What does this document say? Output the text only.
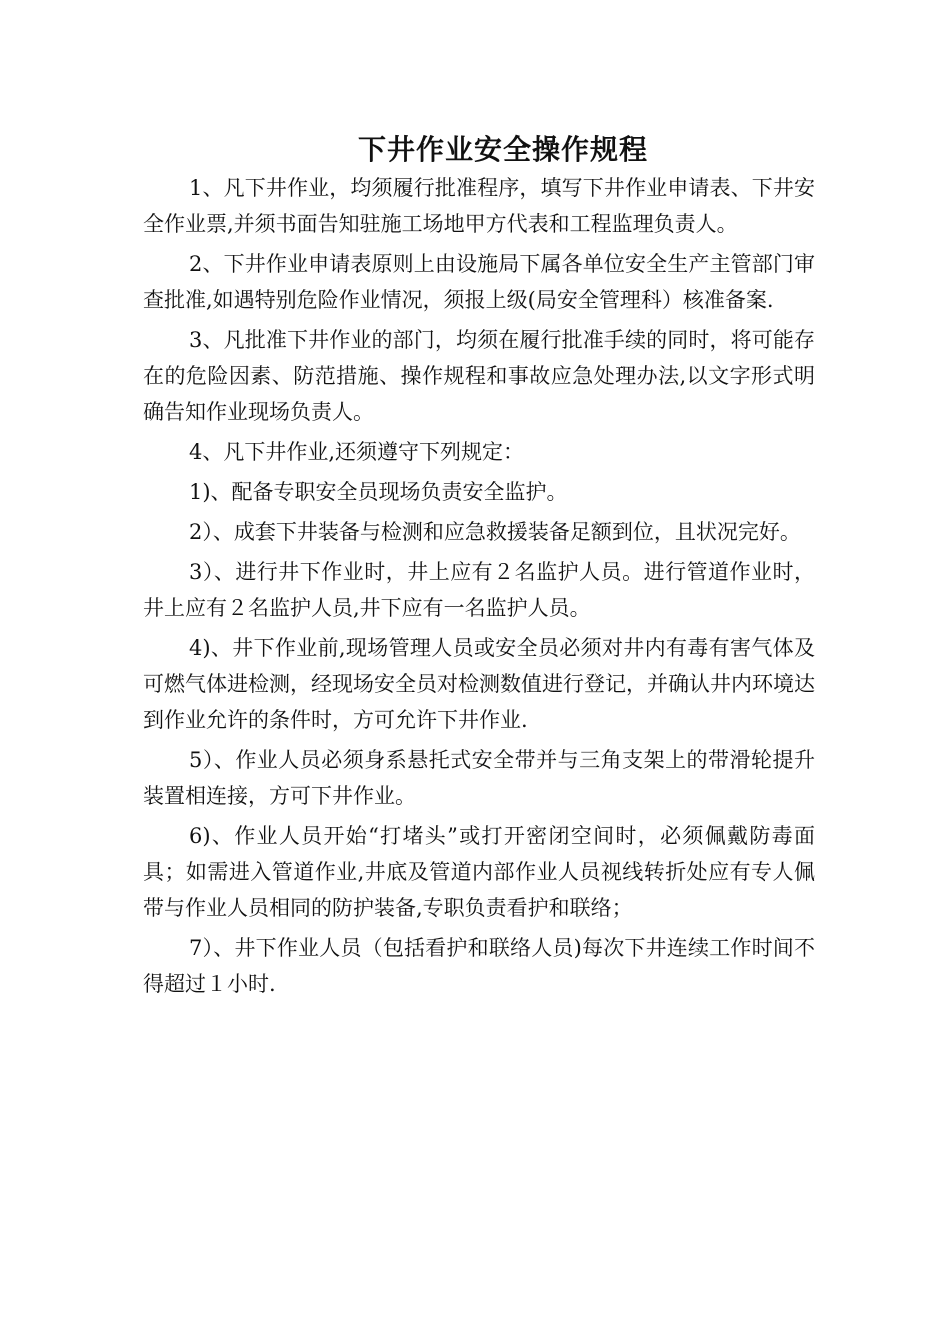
下井作业安全操作规程

1、凡下井作业，均须履行批准程序，填写下井作业申请表、下井安全作业票,并须书面告知驻施工场地甲方代表和工程监理负责人。

2、下井作业申请表原则上由设施局下属各单位安全生产主管部门审查批准,如遇特别危险作业情况，须报上级(局安全管理科）核准备案.

3、凡批准下井作业的部门，均须在履行批准手续的同时，将可能存在的危险因素、防范措施、操作规程和事故应急处理办法,以文字形式明确告知作业现场负责人。

4、凡下井作业,还须遵守下列规定：

1)、配备专职安全员现场负责安全监护。

2）、成套下井装备与检测和应急救援装备足额到位，且状况完好。

3）、进行井下作业时，井上应有２名监护人员。进行管道作业时，井上应有２名监护人员,井下应有一名监护人员。

4)、井下作业前,现场管理人员或安全员必须对井内有毒有害气体及可燃气体进检测，经现场安全员对检测数值进行登记，并确认井内环境达到作业允许的条件时，方可允许下井作业.

5）、作业人员必须身系悬托式安全带并与三角支架上的带滑轮提升装置相连接，方可下井作业。

6)、作业人员开始“打堵头”或打开密闭空间时，必须佩戴防毒面具；如需进入管道作业,井底及管道内部作业人员视线转折处应有专人佩带与作业人员相同的防护装备,专职负责看护和联络；

7）、井下作业人员（包括看护和联络人员)每次下井连续工作时间不得超过１小时.
